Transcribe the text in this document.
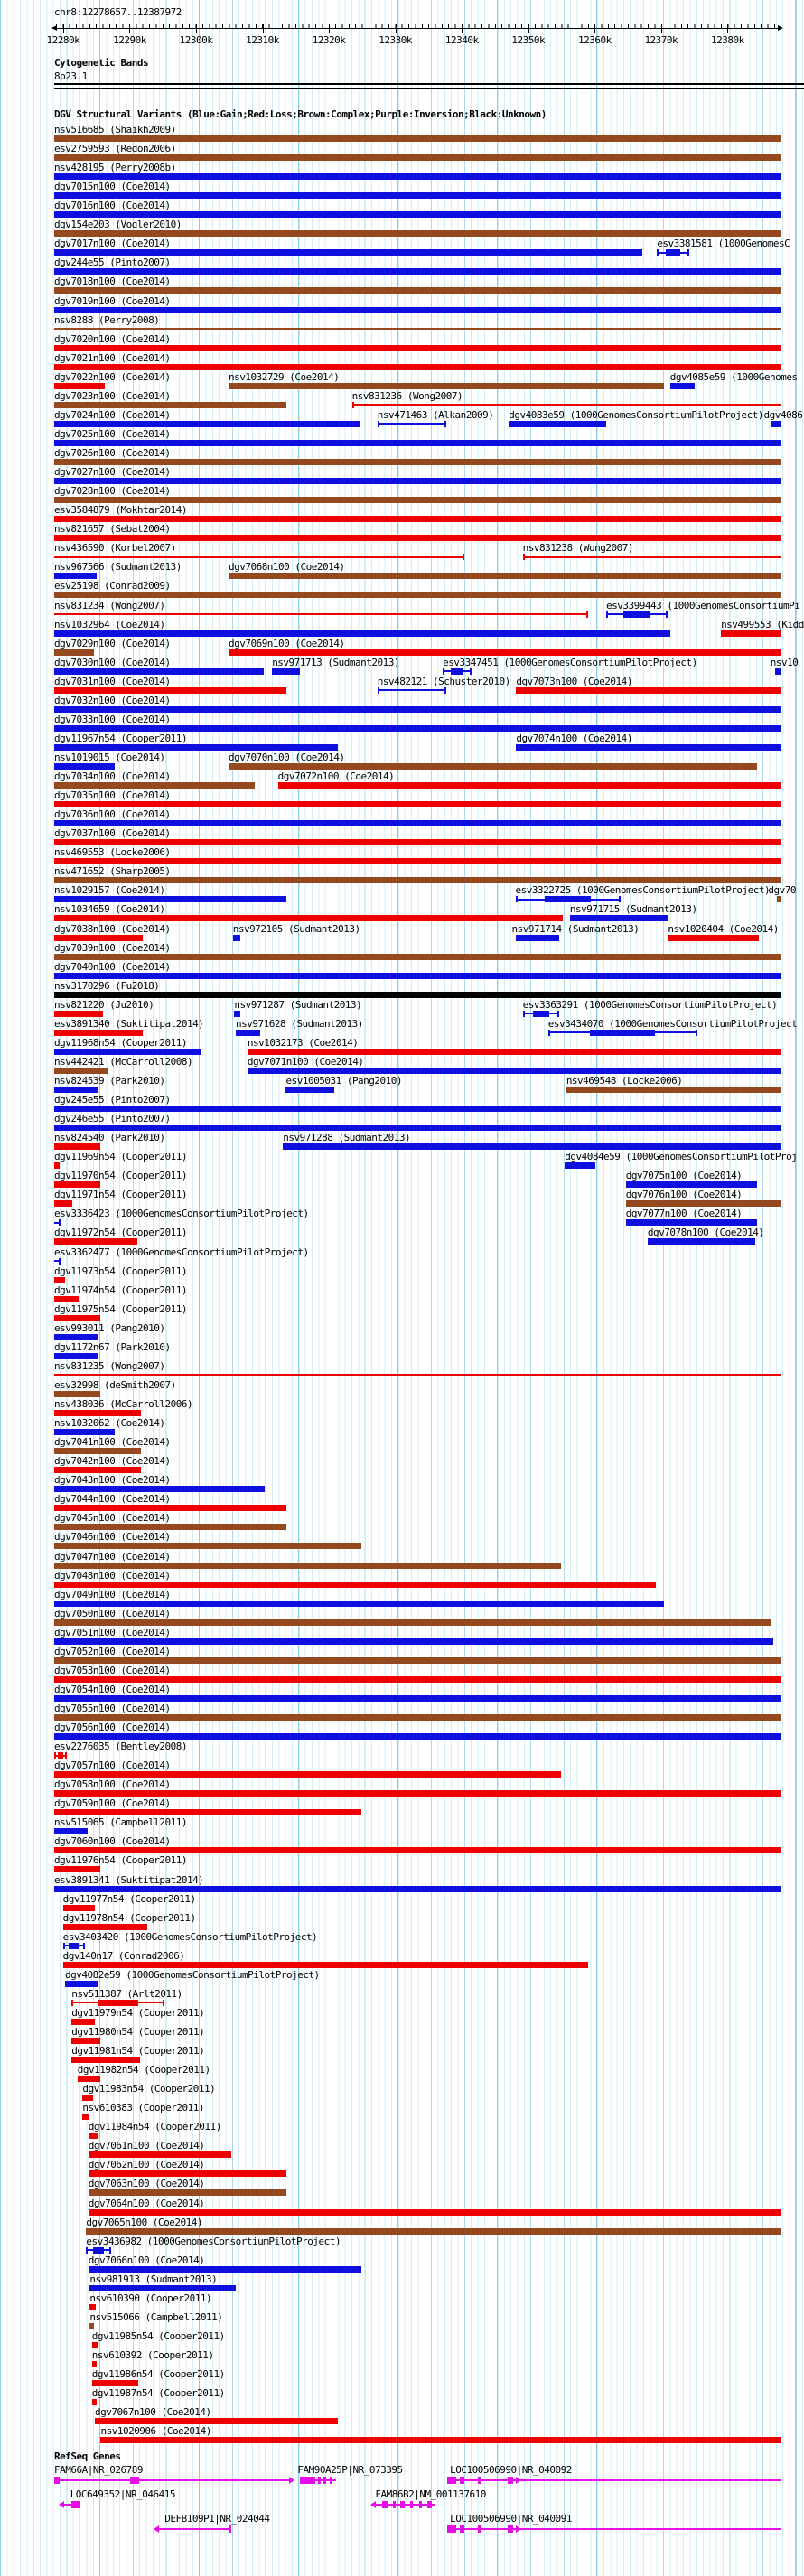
chr8:12278657..12387972
12280k	12290k	12300k	12310k	12320k	12330k	12340k	12350k	12360k	12370k	12380k
Cytogenetic Bands
8p23.1
DGV Structural Variants (Blue:Gain;Red:Loss;Brown:Complex;Purple:Inversion;Black:Unknown)
nsv516685 (Shaikh2009)
esv2759593 (Redon2006)
nsv428195 (Perry2008b)
dgv7015n100 (Coe2014)
dgv7016n100 (Coe2014)
dgv154e203 (Vogler2010)
dgv7017n100 (Coe2014)	esv3381581 (1000GenomesC
dgv244e55 (Pinto2007)
dgv7018n100 (Coe2014)
dgv7019n100 (Coe2014)
nsv8288 (Perry2008)
dgv7020n100 (Coe2014)
dgv7021n100 (Coe2014)
dgv7022n100 (Coe2014)	nsv1032729 (Coe2014)	dgv4085e59 (1000Genomes
dgv7023n100 (Coe2014)	nsv831236 (Wong2007)
dgv7024n100 (Coe2014)	nsv471463 (Alkan2009) dgv4083e59 (1000GenomesConsortiumPilotProject) dgv4086
dgv7025n100 (Coe2014)
dgv7026n100 (Coe2014)
dgv7027n100 (Coe2014)
dgv7028n100 (Coe2014)
esv3584879 (Mokhtar2014)
nsv821657 (Sebat2004)
nsv436590 (Korbel2007)	nsv831238 (Wong2007)
nsv967566 (Sudmant2013)	dgv7068n100 (Coe2014)
esv25198 (Conrad2009)
nsv831234 (Wong2007)	esv3399443 (1000GenomesConsortiumPi
nsv1032964 (Coe2014)	nsv499553 (Kidd
dgv7029n100 (Coe2014)	dgv7069n100 (Coe2014)
dgv7030n100 (Coe2014)	nsv971713 (Sudmant2013)	esv3347451 (1000GenomesConsortiumPilotProject)	nsv10
dgv7031n100 (Coe2014)	nsv482121 (Schuster2010) dgv7073n100 (Coe2014)
dgv7032n100 (Coe2014)
dgv7033n100 (Coe2014)
dgv11967n54 (Cooper2011)	dgv7074n100 (Coe2014)
nsv1019015 (Coe2014)	dgv7070n100 (Coe2014)
dgv7034n100 (Coe2014)	dgv7072n100 (Coe2014)
dgv7035n100 (Coe2014)
dgv7036n100 (Coe2014)
dgv7037n100 (Coe2014)
nsv469553 (Locke2006)
nsv471652 (Sharp2005)
nsv1029157 (Coe2014)	esv3322725 (1000GenomesConsortiumPilotProject)
dgv70
nsv1034659 (Coe2014)	nsv971715 (Sudmant2013)
dgv7038n100 (Coe2014)	nsv972105 (Sudmant2013)	nsv971714 (Sudmant2013)	nsv1020404 (Coe2014)
dgv7039n100 (Coe2014)
dgv7040n100 (Coe2014)
nsv3170296 (Fu2018)
nsv821220 (Ju2010)	nsv971287 (Sudmant2013)	esv3363291 (1000GenomesConsortiumPilotProject)
esv3891340 (Suktitipat2014)	nsv971628 (Sudmant2013)	esv3434070 (1000GenomesConsortiumPilotProject
dgv11968n54 (Cooper2011)	nsv1032173 (Coe2014)
nsv442421 (McCarroll2008)	dgv7071n100 (Coe2014)
nsv824539 (Park2010)	esv1005031 (Pang2010)	nsv469548 (Locke2006)
dgv245e55 (Pinto2007)
dgv246e55 (Pinto2007)
nsv824540 (Park2010)	nsv971288 (Sudmant2013)
dgv11969n54 (Cooper2011)	dgv4084e59 (1000GenomesConsortiumPilotProj
dgv11970n54 (Cooper2011)	dgv7075n100 (Coe2014)
dgv11971n54 (Cooper2011)	dgv7076n100 (Coe2014)
esv3336423 (1000GenomesConsortiumPilotProject)	dgv7077n100 (Coe2014)
dgv11972n54 (Cooper2011)	dgv7078n100 (Coe2014)
esv3362477 (1000GenomesConsortiumPilotProject)
dgv11973n54 (Cooper2011)
dgv11974n54 (Cooper2011)
dgv11975n54 (Cooper2011)
esv993011 (Pang2010)
dgv1172n67 (Park2010)
nsv831235 (Wong2007)
esv32998 (deSmith2007)
nsv438036 (McCarroll2006)
nsv1032062 (Coe2014)
dgv7041n100 (Coe2014)
dgv7042n100 (Coe2014)
dgv7043n100 (Coe2014)
dgv7044n100 (Coe2014)
dgv7045n100 (Coe2014)
dgv7046n100 (Coe2014)
dgv7047n100 (Coe2014)
dgv7048n100 (Coe2014)
dgv7049n100 (Coe2014)
dgv7050n100 (Coe2014)
dgv7051n100 (Coe2014)
dgv7052n100 (Coe2014)
dgv7053n100 (Coe2014)
dgv7054n100 (Coe2014)
dgv7055n100 (Coe2014)
dgv7056n100 (Coe2014)
esv2276035 (Bentley2008)
dgv7057n100 (Coe2014)
dgv7058n100 (Coe2014)
dgv7059n100 (Coe2014)
nsv515065 (Campbell2011)
dgv7060n100 (Coe2014)
dgv11976n54 (Cooper2011)
esv3891341 (Suktitipat2014)
dgv11977n54 (Cooper2011)
dgv11978n54 (Cooper2011)
esv3403420 (1000GenomesConsortiumPilotProject)
dgv140n17 (Conrad2006)
dgv4082e59 (1000GenomesConsortiumPilotProject)
nsv511387 (Arlt2011)
dgv11979n54 (Cooper2011)
dgv11980n54 (Cooper2011)
dgv11981n54 (Cooper2011)
dgv11982n54 (Cooper2011)
dgv11983n54 (Cooper2011)
nsv610383 (Cooper2011)
dgv11984n54 (Cooper2011)
dgv7061n100 (Coe2014)
dgv7062n100 (Coe2014)
dgv7063n100 (Coe2014)
dgv7064n100 (Coe2014)
dgv7065n100 (Coe2014)
esv3436982 (1000GenomesConsortiumPilotProject)
dgv7066n100 (Coe2014)
nsv981913 (Sudmant2013)
nsv610390 (Cooper2011)
nsv515066 (Campbell2011)
dgv11985n54 (Cooper2011)
nsv610392 (Cooper2011)
dgv11986n54 (Cooper2011)
dgv11987n54 (Cooper2011)
dgv7067n100 (Coe2014)
nsv1020906 (Coe2014)
RefSeq Genes
FAM66A|NR_026789	FAM90A25P|NR_073395	LOC100506990|NR_040092
LOC649352|NR_046415	FAM86B2|NM_001137610
DEFB109P1|NR_024044	LOC100506990|NR_040091
